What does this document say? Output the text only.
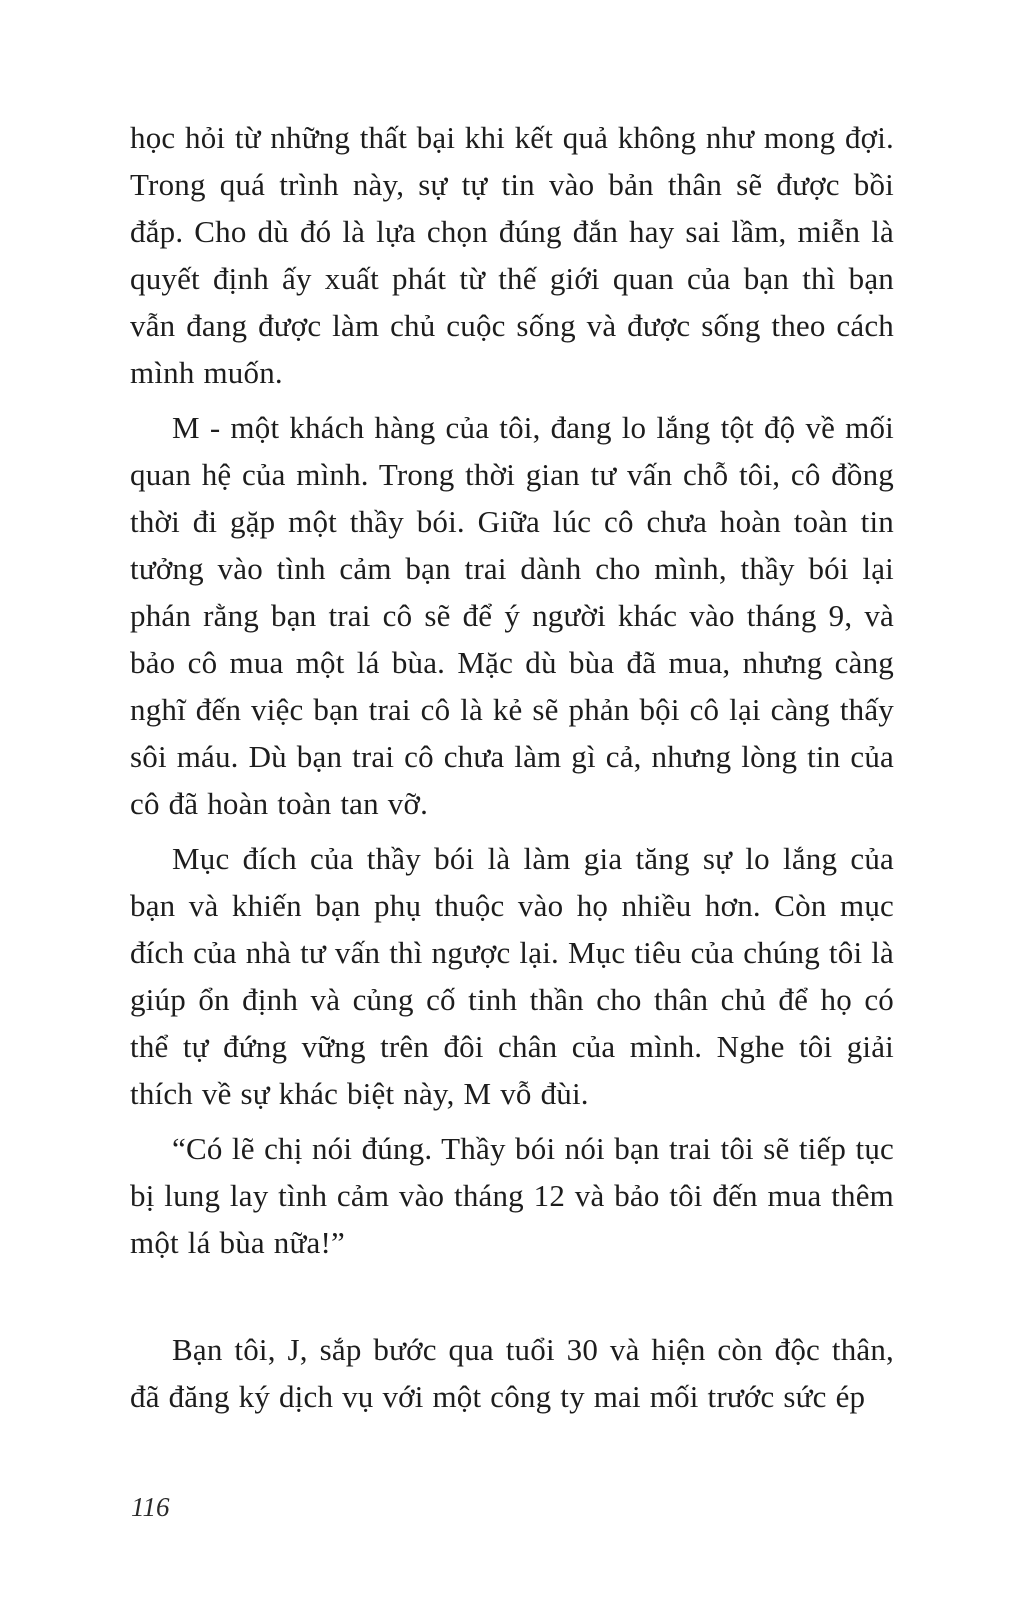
học hỏi từ những thất bại khi kết quả không như mong đợi. Trong quá trình này, sự tự tin vào bản thân sẽ được bồi đắp. Cho dù đó là lựa chọn đúng đắn hay sai lầm, miễn là quyết định ấy xuất phát từ thế giới quan của bạn thì bạn vẫn đang được làm chủ cuộc sống và được sống theo cách mình muốn.

M - một khách hàng của tôi, đang lo lắng tột độ về mối quan hệ của mình. Trong thời gian tư vấn chỗ tôi, cô đồng thời đi gặp một thầy bói. Giữa lúc cô chưa hoàn toàn tin tưởng vào tình cảm bạn trai dành cho mình, thầy bói lại phán rằng bạn trai cô sẽ để ý người khác vào tháng 9, và bảo cô mua một lá bùa. Mặc dù bùa đã mua, nhưng càng nghĩ đến việc bạn trai cô là kẻ sẽ phản bội cô lại càng thấy sôi máu. Dù bạn trai cô chưa làm gì cả, nhưng lòng tin của cô đã hoàn toàn tan vỡ.

Mục đích của thầy bói là làm gia tăng sự lo lắng của bạn và khiến bạn phụ thuộc vào họ nhiều hơn. Còn mục đích của nhà tư vấn thì ngược lại. Mục tiêu của chúng tôi là giúp ổn định và củng cố tinh thần cho thân chủ để họ có thể tự đứng vững trên đôi chân của mình. Nghe tôi giải thích về sự khác biệt này, M vỗ đùi.

“Có lẽ chị nói đúng. Thầy bói nói bạn trai tôi sẽ tiếp tục bị lung lay tình cảm vào tháng 12 và bảo tôi đến mua thêm một lá bùa nữa!”

Bạn tôi, J, sắp bước qua tuổi 30 và hiện còn độc thân, đã đăng ký dịch vụ với một công ty mai mối trước sức ép

116
